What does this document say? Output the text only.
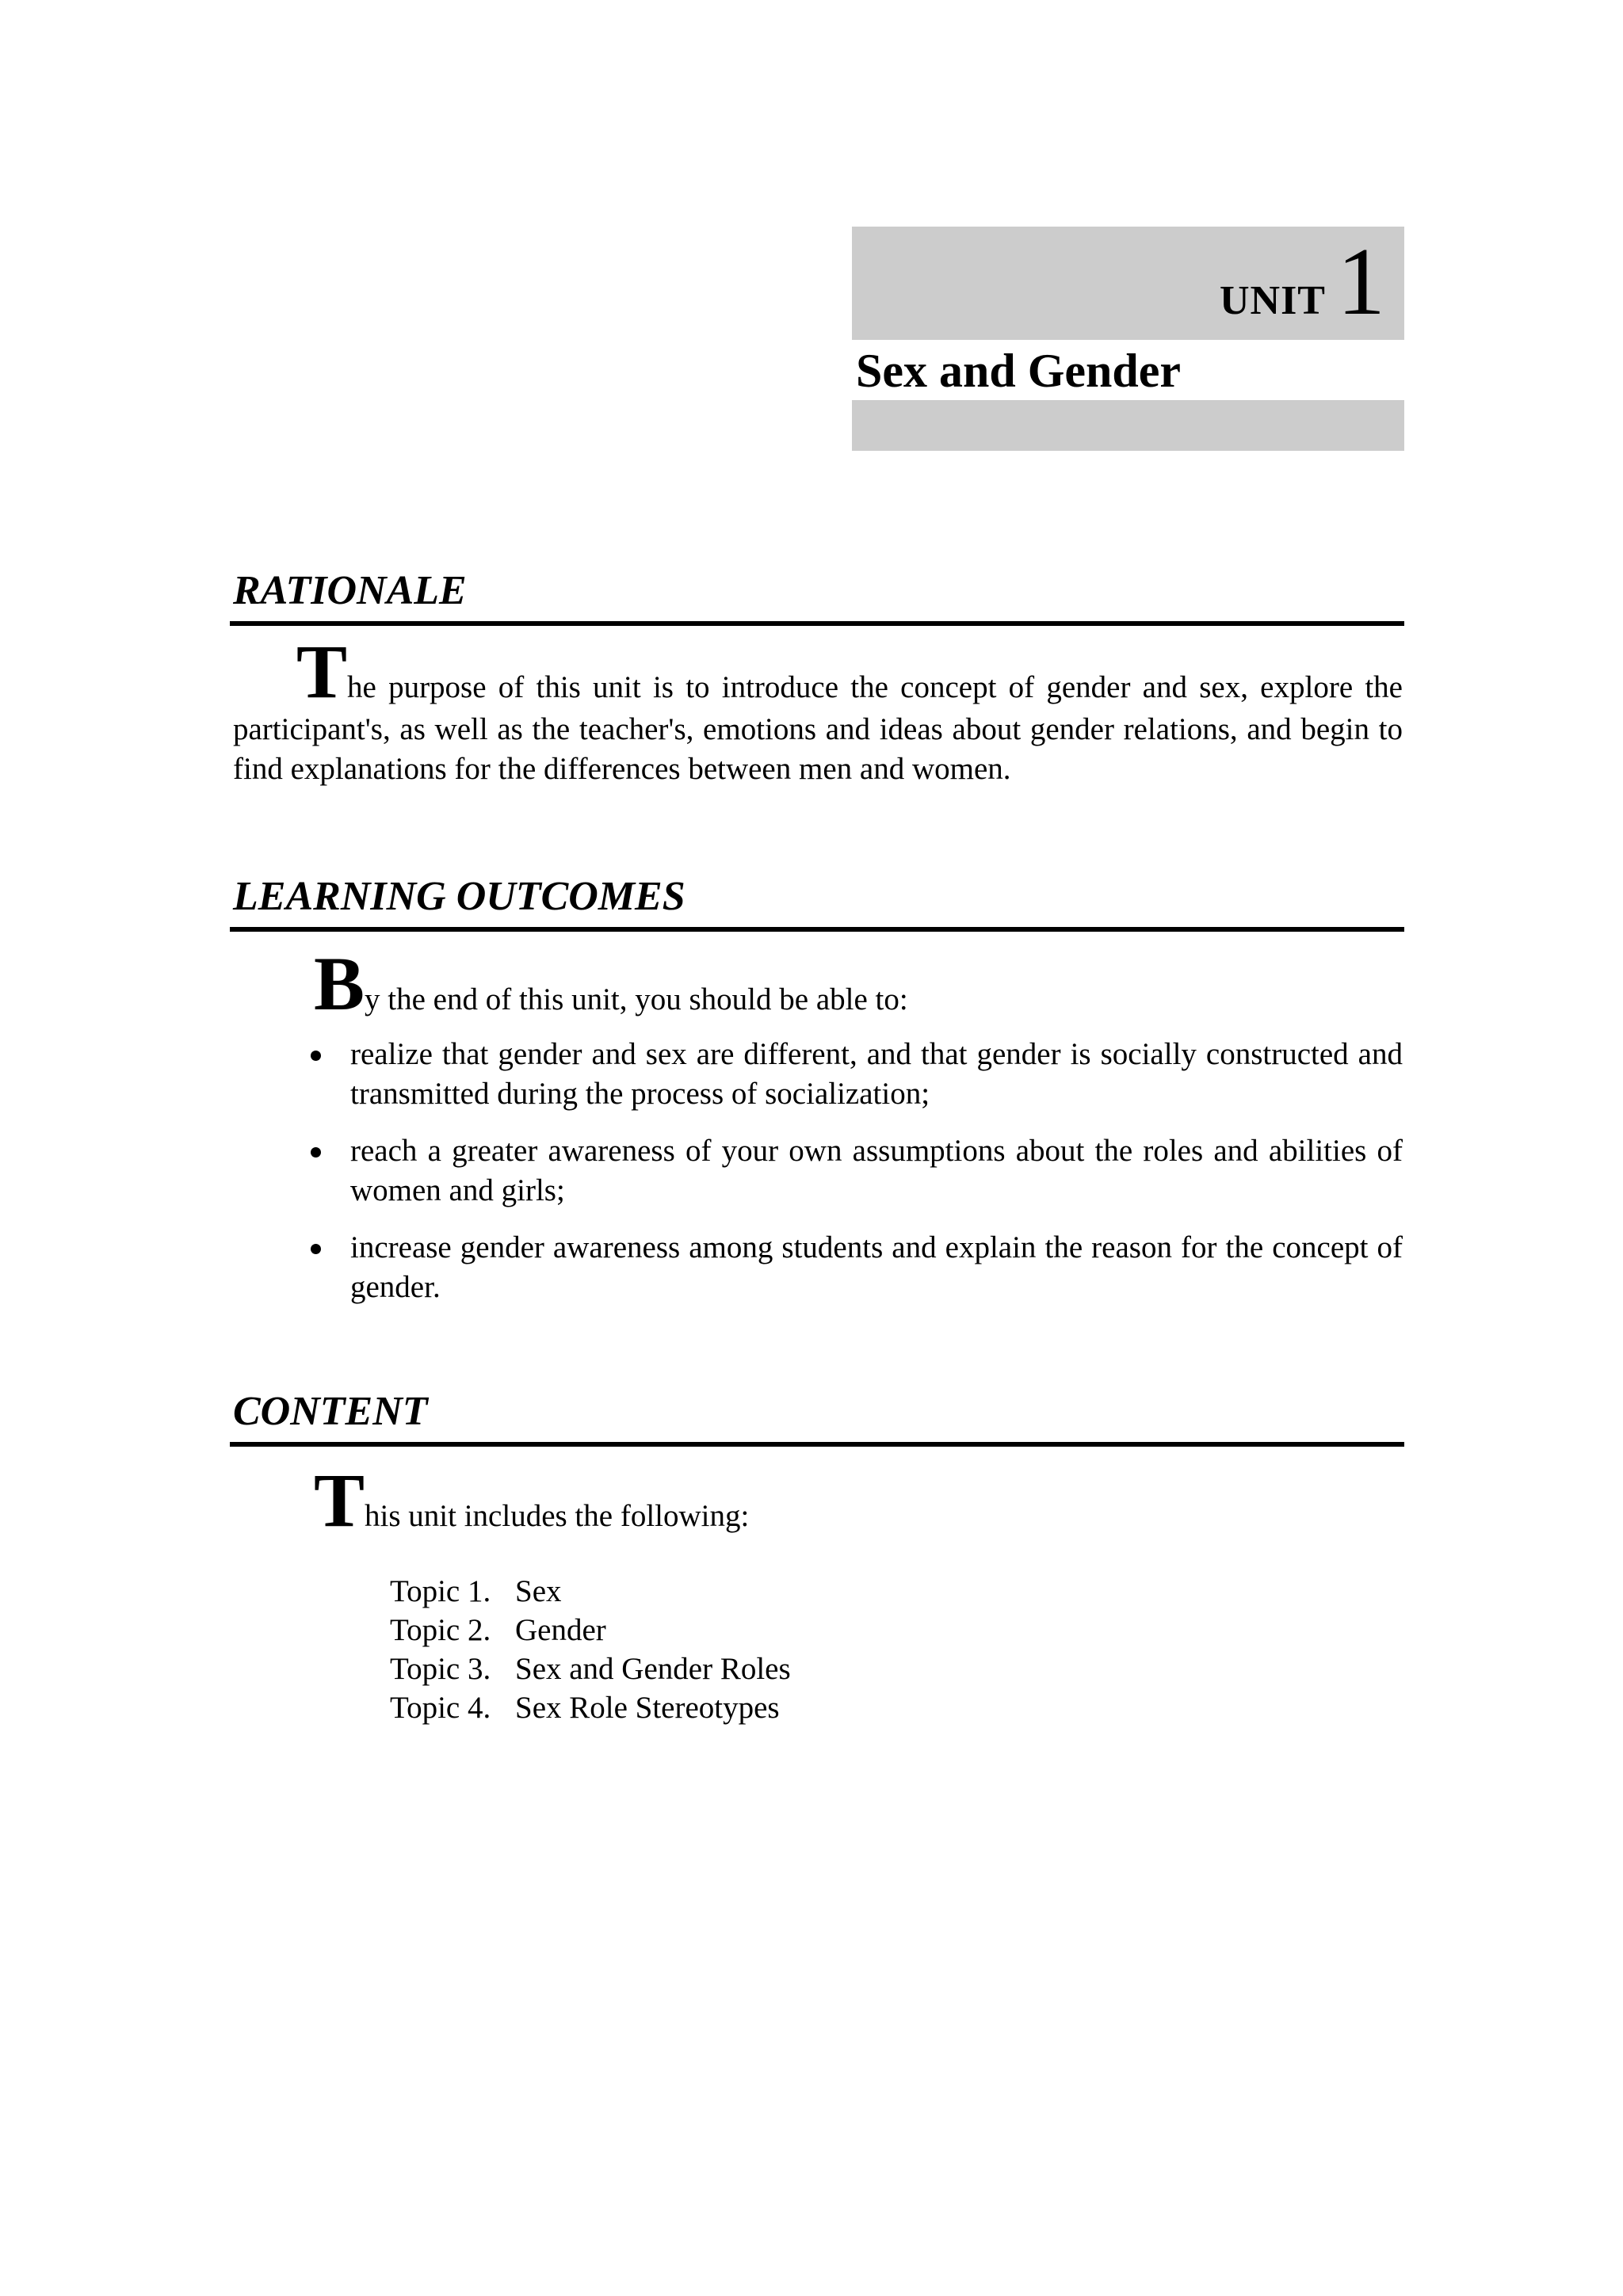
UNIT 1
Sex and Gender
RATIONALE
The purpose of this unit is to introduce the concept of gender and sex, explore the participant's, as well as the teacher's, emotions and ideas about gender relations, and begin to find explanations for the differences between men and women.
LEARNING OUTCOMES
By the end of this unit, you should be able to:
realize that gender and sex are different, and that gender is socially constructed and transmitted during the process of socialization;
reach a greater awareness of your own assumptions about the roles and abilities of women and girls;
increase gender awareness among students and explain the reason for the concept of gender.
CONTENT
This unit includes the following:
Topic 1. Sex
Topic 2. Gender
Topic 3. Sex and Gender Roles
Topic 4. Sex Role Stereotypes
